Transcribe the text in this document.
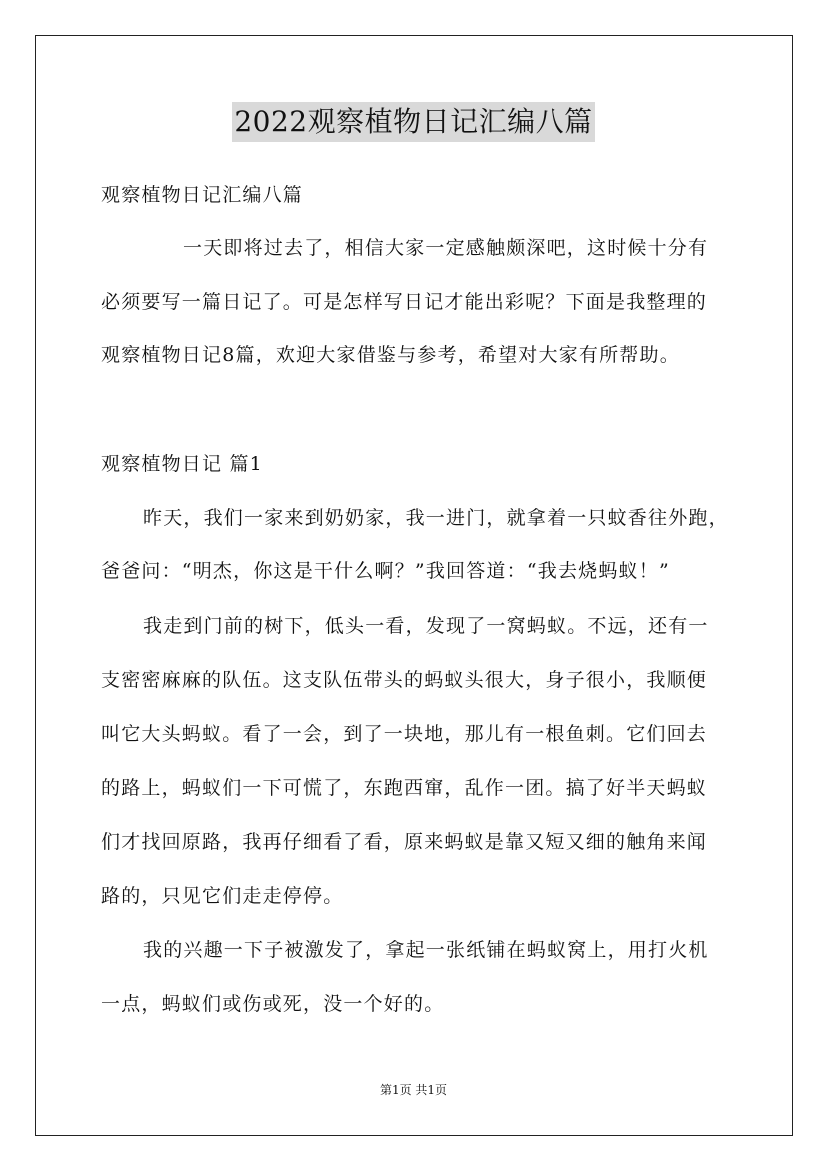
2022观察植物日记汇编八篇
观察植物日记汇编八篇
一天即将过去了，相信大家一定感触颇深吧，这时候十分有
必须要写一篇日记了。可是怎样写日记才能出彩呢？下面是我整理的
观察植物日记8篇，欢迎大家借鉴与参考，希望对大家有所帮助。
观察植物日记 篇1
昨天，我们一家来到奶奶家，我一进门，就拿着一只蚊香往外跑，
爸爸问：“明杰，你这是干什么啊？”我回答道：“我去烧蚂蚁！”
我走到门前的树下，低头一看，发现了一窝蚂蚁。不远，还有一
支密密麻麻的队伍。这支队伍带头的蚂蚁头很大，身子很小，我顺便
叫它大头蚂蚁。看了一会，到了一块地，那儿有一根鱼刺。它们回去
的路上，蚂蚁们一下可慌了，东跑西窜，乱作一团。搞了好半天蚂蚁
们才找回原路，我再仔细看了看，原来蚂蚁是靠又短又细的触角来闻
路的，只见它们走走停停。
我的兴趣一下子被激发了，拿起一张纸铺在蚂蚁窝上，用打火机
一点，蚂蚁们或伤或死，没一个好的。
第1页 共1页
